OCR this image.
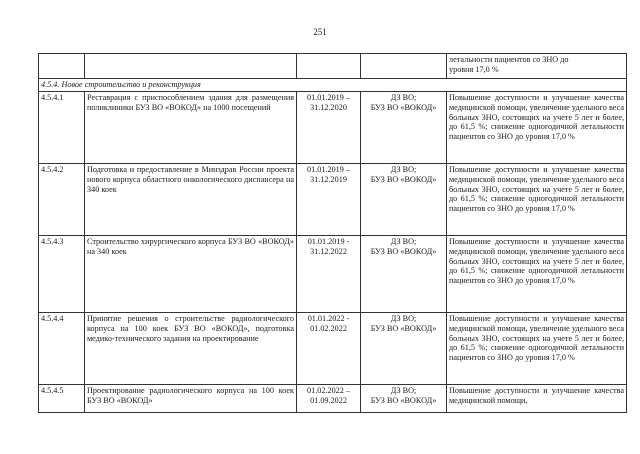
251

				летальности пациентов со ЗНО до
уровня 17,0 %

4.5.4. Новое строительство и реконструкция				
4.5.4.1	Реставрация с приспособлением здания для размещения поликлиники БУЗ ВО «ВОКОД» на 1000 посещений	01.01.2019 –
31.12.2020	ДЗ ВО;
БУЗ ВО «ВОКОД»	Повышение доступности и улучшение качества медицинской помощи, увеличение удельного веса больных ЗНО, состоящих на учете 5 лет и более, до 61,5 %; снижение одногодичной летальности пациентов со ЗНО до уровня 17,0 %
4.5.4.2	Подготовка и предоставление в Минздрав России проекта нового корпуса областного онкологического диспансера на 340 коек	01.01.2019 –
31.12.2019	ДЗ ВО;
БУЗ ВО «ВОКОД»	Повышение доступности и улучшение качества медицинской помощи, увеличение удельного веса больных ЗНО, состоящих на учете 5 лет и более, до 61,5 %; снижение одногодичной летальности пациентов со ЗНО до уровня 17,0 %
4.5.4.3	Строительство хирургического корпуса БУЗ ВО «ВОКОД» на 340 коек	01.01.2019 -
31.12.2022	ДЗ ВО;
БУЗ ВО «ВОКОД»	Повышение доступности и улучшение качества медицинской помощи, увеличение удельного веса больных ЗНО, состоящих на учете 5 лет и более, до 61,5 %; снижение одногодичной летальности пациентов со ЗНО до уровня 17,0 %
4.5.4.4	Принятие решения о строительстве радиологического корпуса на 100 коек БУЗ ВО «ВОКОД», подготовка медико-технического задания на проектирование	01.01.2022 -
01.02.2022	ДЗ ВО;
БУЗ ВО «ВОКОД»	Повышение доступности и улучшение качества медицинской помощи, увеличение удельного веса больных ЗНО, состоящих на учете 5 лет и более, до 61,5 %; снижение одногодичной летальности пациентов со ЗНО до уровня 17,0 %
4.5.4.5	Проектирование радиологического корпуса на 100 коек БУЗ ВО «ВОКОД»	01.02.2022 –
01.09.2022	ДЗ ВО;
БУЗ ВО «ВОКОД»	Повышение доступности и улучшение качества медицинской помощи,
